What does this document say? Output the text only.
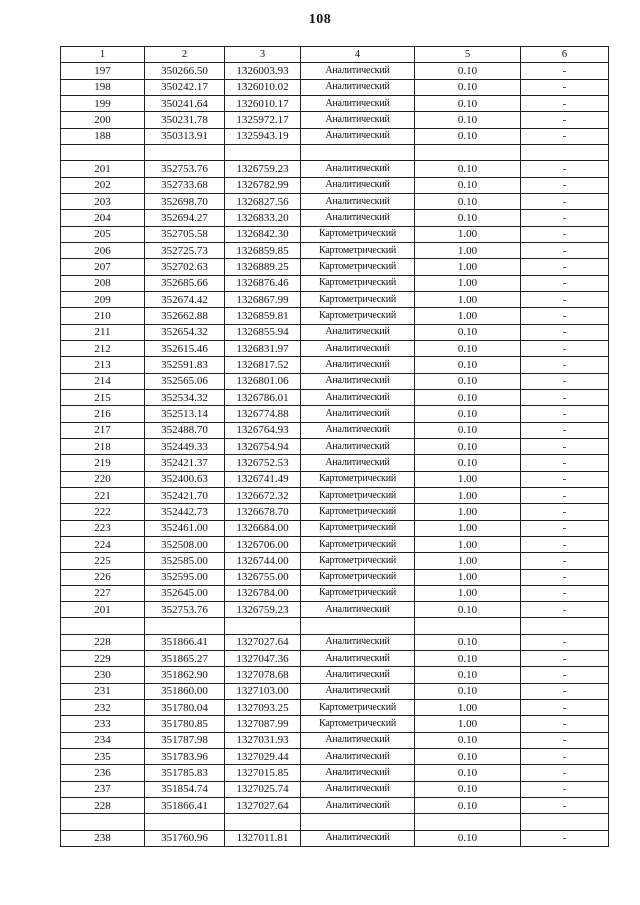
108
1	2	3	4	5	6
197	350266.50	1326003.93	Аналитический	0.10	-
198	350242.17	1326010.02	Аналитический	0.10	-
199	350241.64	1326010.17	Аналитический	0.10	-
200	350231.78	1325972.17	Аналитический	0.10	-
188	350313.91	1325943.19	Аналитический	0.10	-

201	352753.76	1326759.23	Аналитический	0.10	-
202	352733.68	1326782.99	Аналитический	0.10	-
203	352698.70	1326827.56	Аналитический	0.10	-
204	352694.27	1326833.20	Аналитический	0.10	-
205	352705.58	1326842.30	Картометрический	1.00	-
206	352725.73	1326859.85	Картометрический	1.00	-
207	352702.63	1326889.25	Картометрический	1.00	-
208	352685.66	1326876.46	Картометрический	1.00	-
209	352674.42	1326867.99	Картометрический	1.00	-
210	352662.88	1326859.81	Картометрический	1.00	-
211	352654.32	1326855.94	Аналитический	0.10	-
212	352615.46	1326831.97	Аналитический	0.10	-
213	352591.83	1326817.52	Аналитический	0.10	-
214	352565.06	1326801.06	Аналитический	0.10	-
215	352534.32	1326786.01	Аналитический	0.10	-
216	352513.14	1326774.88	Аналитический	0.10	-
217	352488.70	1326764.93	Аналитический	0.10	-
218	352449.33	1326754.94	Аналитический	0.10	-
219	352421.37	1326752.53	Аналитический	0.10	-
220	352400.63	1326741.49	Картометрический	1.00	-
221	352421.70	1326672.32	Картометрический	1.00	-
222	352442.73	1326678.70	Картометрический	1.00	-
223	352461.00	1326684.00	Картометрический	1.00	-
224	352508.00	1326706.00	Картометрический	1.00	-
225	352585.00	1326744.00	Картометрический	1.00	-
226	352595.00	1326755.00	Картометрический	1.00	-
227	352645.00	1326784.00	Картометрический	1.00	-
201	352753.76	1326759.23	Аналитический	0.10	-

228	351866.41	1327027.64	Аналитический	0.10	-
229	351865.27	1327047.36	Аналитический	0.10	-
230	351862.90	1327078.68	Аналитический	0.10	-
231	351860.00	1327103.00	Аналитический	0.10	-
232	351780.04	1327093.25	Картометрический	1.00	-
233	351780.85	1327087.99	Картометрический	1.00	-
234	351787.98	1327031.93	Аналитический	0.10	-
235	351783.96	1327029.44	Аналитический	0.10	-
236	351785.83	1327015.85	Аналитический	0.10	-
237	351854.74	1327025.74	Аналитический	0.10	-
228	351866.41	1327027.64	Аналитический	0.10	-

238	351760.96	1327011.81	Аналитический	0.10	-
